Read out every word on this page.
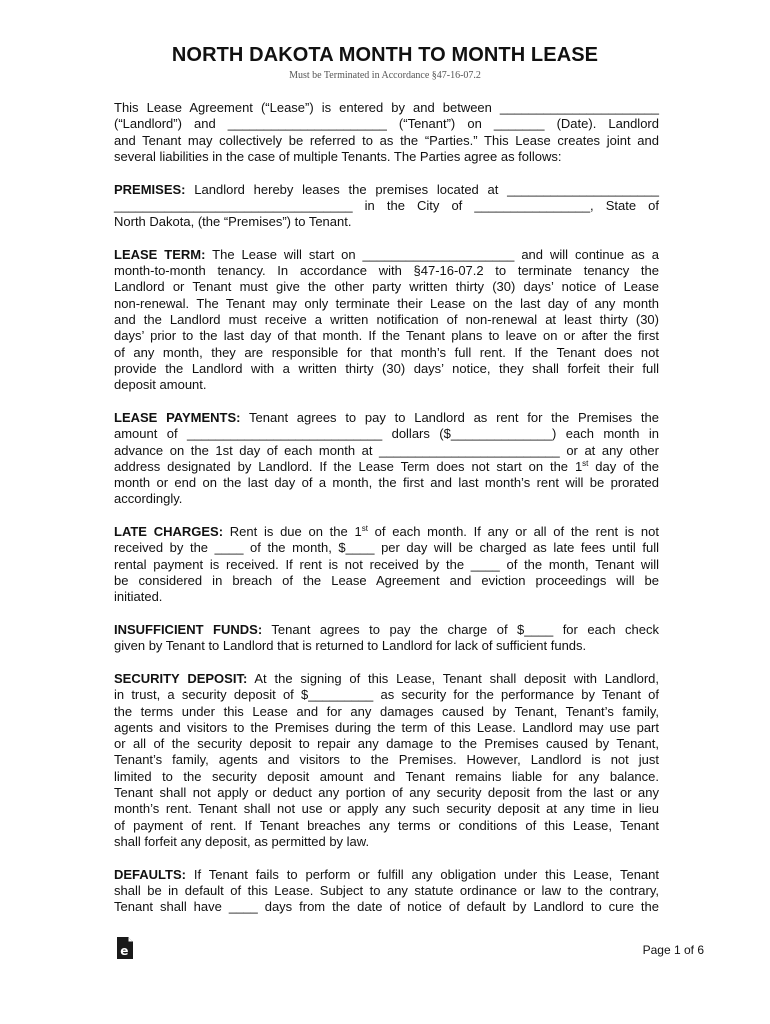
NORTH DAKOTA MONTH TO MONTH LEASE
Must be Terminated in Accordance §47-16-07.2
This Lease Agreement (“Lease”) is entered by and between ______________________
(“Landlord”) and ______________________ (“Tenant”) on _______ (Date). Landlord
and Tenant may collectively be referred to as the “Parties.” This Lease creates joint and
several liabilities in the case of multiple Tenants. The Parties agree as follows:
PREMISES: Landlord hereby leases the premises located at _____________________
_________________________________ in the City of ________________, State of
North Dakota, (the “Premises”) to Tenant.
LEASE TERM: The Lease will start on _____________________ and will continue as a
month-to-month tenancy. In accordance with §47-16-07.2 to terminate tenancy the
Landlord or Tenant must give the other party written thirty (30) days’ notice of Lease
non-renewal. The Tenant may only terminate their Lease on the last day of any month
and the Landlord must receive a written notification of non-renewal at least thirty (30)
days’ prior to the last day of that month. If the Tenant plans to leave on or after the first
of any month, they are responsible for that month’s full rent. If the Tenant does not
provide the Landlord with a written thirty (30) days’ notice, they shall forfeit their full
deposit amount.
LEASE PAYMENTS: Tenant agrees to pay to Landlord as rent for the Premises the
amount of ___________________________ dollars ($______________) each month in
advance on the 1st day of each month at _________________________ or at any other
address designated by Landlord. If the Lease Term does not start on the 1st day of the
month or end on the last day of a month, the first and last month’s rent will be prorated
accordingly.
LATE CHARGES: Rent is due on the 1st of each month. If any or all of the rent is not
received by the ____ of the month, $____ per day will be charged as late fees until full
rental payment is received. If rent is not received by the ____ of the month, Tenant will
be considered in breach of the Lease Agreement and eviction proceedings will be
initiated.
INSUFFICIENT FUNDS: Tenant agrees to pay the charge of $____ for each check
given by Tenant to Landlord that is returned to Landlord for lack of sufficient funds.
SECURITY DEPOSIT: At the signing of this Lease, Tenant shall deposit with Landlord,
in trust, a security deposit of $_________ as security for the performance by Tenant of
the terms under this Lease and for any damages caused by Tenant, Tenant’s family,
agents and visitors to the Premises during the term of this Lease. Landlord may use part
or all of the security deposit to repair any damage to the Premises caused by Tenant,
Tenant’s family, agents and visitors to the Premises. However, Landlord is not just
limited to the security deposit amount and Tenant remains liable for any balance.
Tenant shall not apply or deduct any portion of any security deposit from the last or any
month’s rent. Tenant shall not use or apply any such security deposit at any time in lieu
of payment of rent. If Tenant breaches any terms or conditions of this Lease, Tenant
shall forfeit any deposit, as permitted by law.
DEFAULTS: If Tenant fails to perform or fulfill any obligation under this Lease, Tenant
shall be in default of this Lease. Subject to any statute ordinance or law to the contrary,
Tenant shall have ____ days from the date of notice of default by Landlord to cure the
e	Page 1 of 6
